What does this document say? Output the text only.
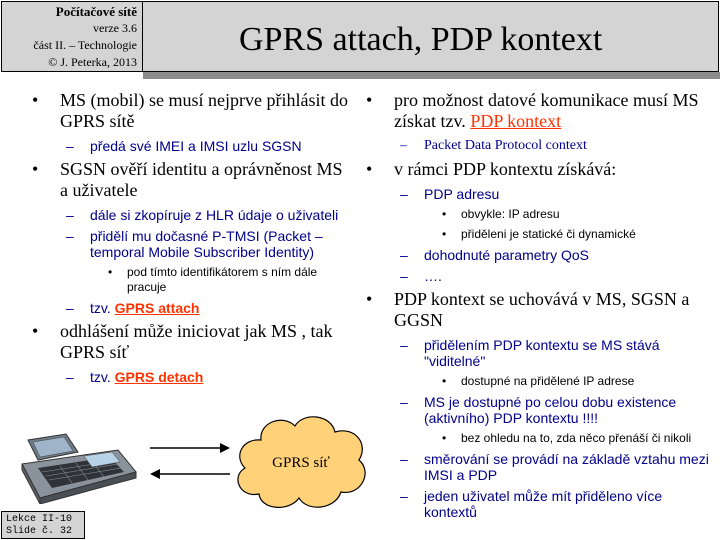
Počítačové sítě
verze 3.6
část II. – Technologie
© J. Peterka, 2013
GPRS attach, PDP kontext
• MS (mobil) se musí nejprve přihlásit do GPRS sítě
– předá své IMEI a IMSI uzlu SGSN
• SGSN ověří identitu a oprávněnost MS a uživatele
– dále si zkopíruje z HLR údaje o uživateli
– přidělí mu dočasné P-TMSI (Packet – temporal Mobile Subscriber Identity)
• pod tímto identifikátorem s ním dále pracuje
– tzv. GPRS attach
• odhlášení může iniciovat jak MS , tak GPRS síť
– tzv. GPRS detach
• pro možnost datové komunikace musí MS získat tzv. PDP kontext
– Packet Data Protocol context
• v rámci PDP kontextu získává:
– PDP adresu
• obvykle: IP adresu
• přiděleni je statické či dynamické
– dohodnuté parametry QoS
– ….
• PDP kontext se uchovává v MS, SGSN a GGSN
– přidělením PDP kontextu se MS stává "viditelné"
• dostupné na přidělené IP adrese
– MS je dostupné po celou dobu existence (aktivního) PDP kontextu !!!!
• bez ohledu na to, zda něco přenáší či nikoli
– směrování se provádí na základě vztahu mezi IMSI a PDP
– jeden uživatel může mít přiděleno více kontextů
GPRS síť
Lekce II-10
Slide č. 32
